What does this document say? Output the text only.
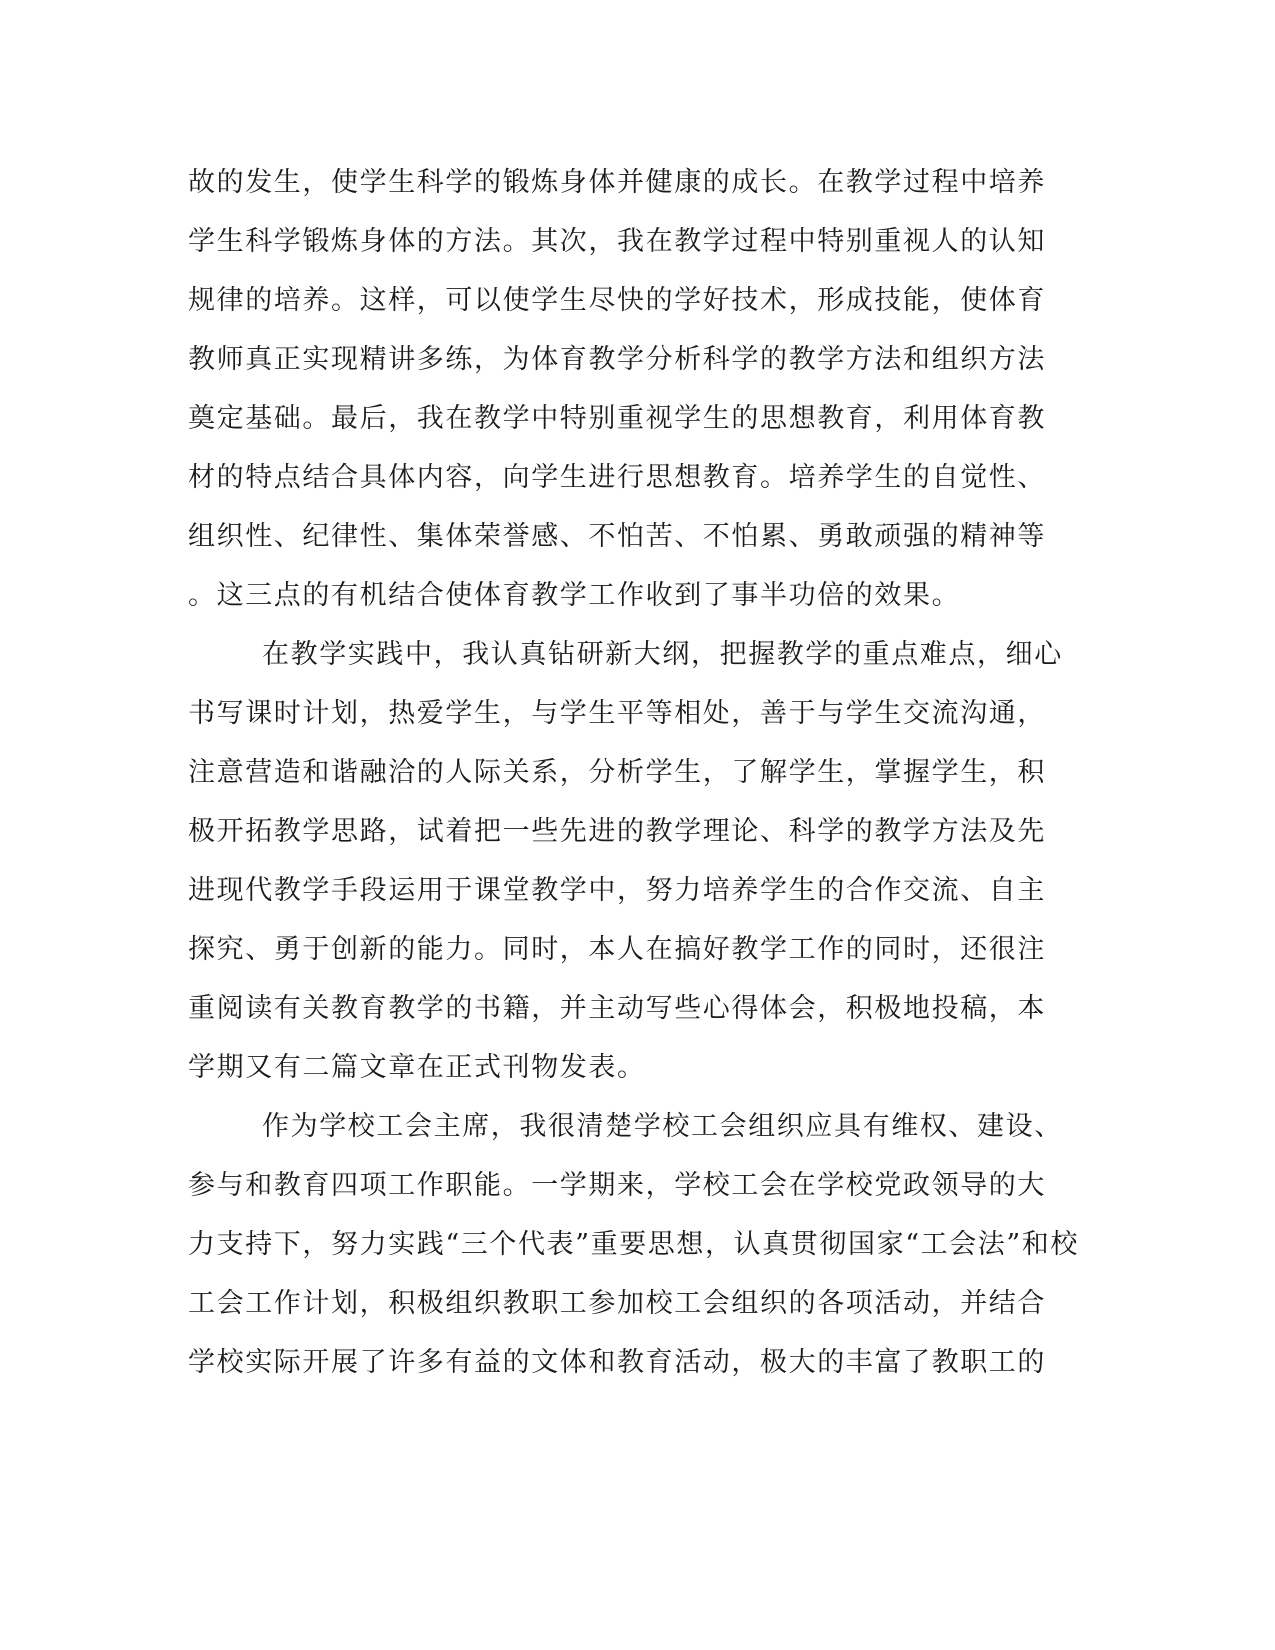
故的发生，使学生科学的锻炼身体并健康的成长。在教学过程中培养
学生科学锻炼身体的方法。其次，我在教学过程中特别重视人的认知
规律的培养。这样，可以使学生尽快的学好技术，形成技能，使体育
教师真正实现精讲多练，为体育教学分析科学的教学方法和组织方法
奠定基础。最后，我在教学中特别重视学生的思想教育，利用体育教
材的特点结合具体内容，向学生进行思想教育。培养学生的自觉性、
组织性、纪律性、集体荣誉感、不怕苦、不怕累、勇敢顽强的精神等
。这三点的有机结合使体育教学工作收到了事半功倍的效果。
在教学实践中，我认真钻研新大纲，把握教学的重点难点，细心
书写课时计划，热爱学生，与学生平等相处，善于与学生交流沟通，
注意营造和谐融洽的人际关系，分析学生，了解学生，掌握学生，积
极开拓教学思路，试着把一些先进的教学理论、科学的教学方法及先
进现代教学手段运用于课堂教学中，努力培养学生的合作交流、自主
探究、勇于创新的能力。同时，本人在搞好教学工作的同时，还很注
重阅读有关教育教学的书籍，并主动写些心得体会，积极地投稿，本
学期又有二篇文章在正式刊物发表。
作为学校工会主席，我很清楚学校工会组织应具有维权、建设、
参与和教育四项工作职能。一学期来，学校工会在学校党政领导的大
力支持下，努力实践“三个代表”重要思想，认真贯彻国家“工会法”和校
工会工作计划，积极组织教职工参加校工会组织的各项活动，并结合
学校实际开展了许多有益的文体和教育活动，极大的丰富了教职工的
